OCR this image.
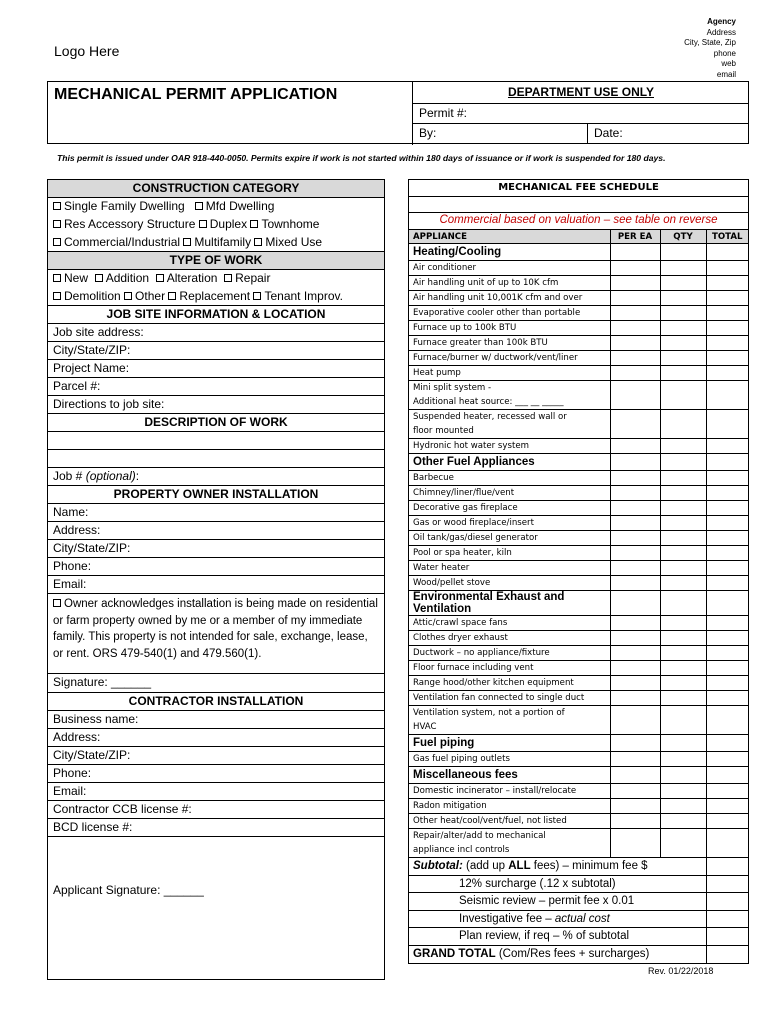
Logo Here
Agency
Address
City, State, Zip
phone
web
email
MECHANICAL PERMIT APPLICATION	DEPARTMENT USE ONLY
Permit #:
By:	Date:
This permit is issued under OAR 918-440-0050. Permits expire if work is not started within 180 days of issuance or if work is suspended for 180 days.
CONSTRUCTION CATEGORY
Single Family Dwelling Mfd Dwelling
Res Accessory Structure Duplex Townhome
Commercial/Industrial Multifamily Mixed Use
TYPE OF WORK
New Addition Alteration Repair
Demolition Other Replacement Tenant Improv.
JOB SITE INFORMATION & LOCATION
Job site address:
City/State/ZIP:
Project Name:
Parcel #:
Directions to job site:
DESCRIPTION OF WORK
Job # (optional):
PROPERTY OWNER INSTALLATION
Name:
Address:
City/State/ZIP:
Phone:
Email:
Owner acknowledges installation is being made on residential or farm property owned by me or a member of my immediate family. This property is not intended for sale, exchange, lease, or rent. ORS 479-540(1) and 479.560(1).
Signature: ______
CONTRACTOR INSTALLATION
Business name:
Address:
City/State/ZIP:
Phone:
Email:
Contractor CCB license #:
BCD license #:
Applicant Signature: ______
MECHANICAL FEE SCHEDULE
Commercial based on valuation – see table on reverse
APPLIANCE	PER EA	QTY	TOTAL
Heating/Cooling			
Air conditioner			
Air handling unit of up to 10K cfm			
Air handling unit 10,001K cfm and over			
Evaporative cooler other than portable			
Furnace up to 100k BTU			
Furnace greater than 100k BTU			
Furnace/burner w/ ductwork/vent/liner			
Heat pump			
Mini split system -
Additional heat source: ___ __ _____			
Suspended heater, recessed wall or
floor mounted			
Hydronic hot water system			
Other Fuel Appliances			
Barbecue			
Chimney/liner/flue/vent			
Decorative gas fireplace			
Gas or wood fireplace/insert			
Oil tank/gas/diesel generator			
Pool or spa heater, kiln			
Water heater			
Wood/pellet stove			
Environmental Exhaust and Ventilation			
Attic/crawl space fans			
Clothes dryer exhaust			
Ductwork – no appliance/fixture			
Floor furnace including vent			
Range hood/other kitchen equipment			
Ventilation fan connected to single duct			
Ventilation system, not a portion of
HVAC			
Fuel piping			
Gas fuel piping outlets			
Miscellaneous fees			
Domestic incinerator – install/relocate			
Radon mitigation			
Other heat/cool/vent/fuel, not listed			
Repair/alter/add to mechanical
appliance incl controls			
Subtotal: (add up ALL fees) – minimum fee $			
12% surcharge (.12 x subtotal)			
Seismic review – permit fee x 0.01			
Investigative fee – actual cost			
Plan review, if req – % of subtotal			
GRAND TOTAL (Com/Res fees + surcharges)			
Rev. 01/22/2018
